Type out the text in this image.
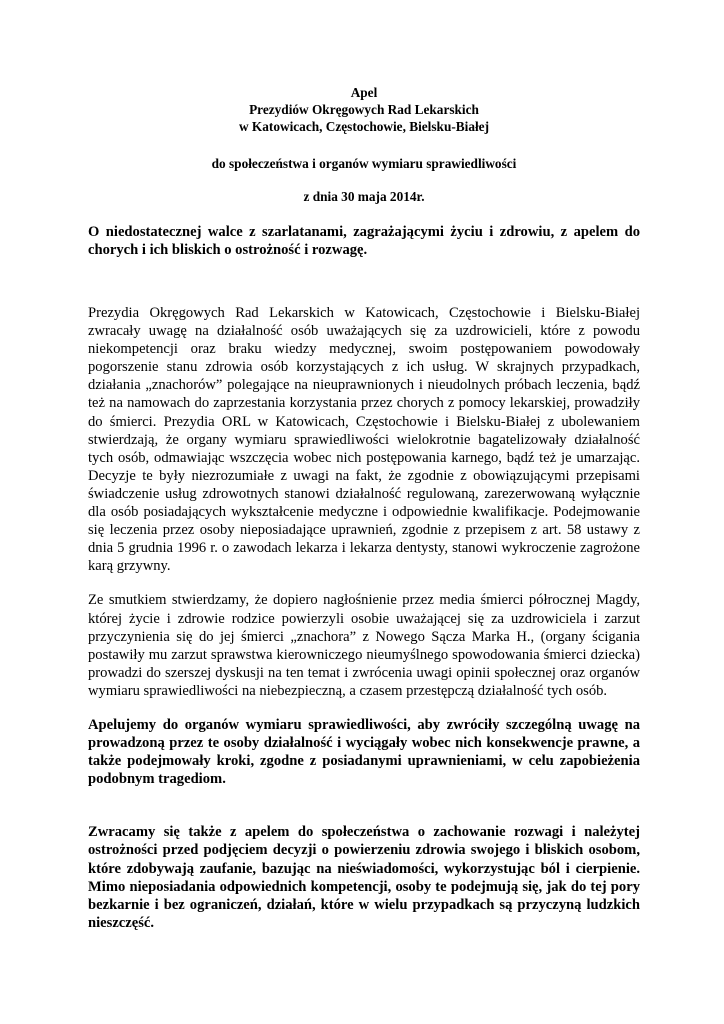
Apel
Prezydiów Okręgowych Rad Lekarskich
w Katowicach, Częstochowie, Bielsku-Białej

do społeczeństwa i organów wymiaru sprawiedliwości

z dnia 30 maja 2014r.

O niedostatecznej walce z szarlatanami, zagrażającymi życiu i zdrowiu, z apelem do chorych i ich bliskich o ostrożność i rozwagę.

Prezydia Okręgowych Rad Lekarskich w Katowicach, Częstochowie i Bielsku-Białej zwracały uwagę na działalność osób uważających się za uzdrowicieli, które z powodu niekompetencji oraz braku wiedzy medycznej, swoim postępowaniem powodowały pogorszenie stanu zdrowia osób korzystających z ich usług. W skrajnych przypadkach, działania „znachorów” polegające na nieuprawnionych i nieudolnych próbach leczenia, bądź też na namowach do zaprzestania korzystania przez chorych z pomocy lekarskiej, prowadziły do śmierci. Prezydia ORL w Katowicach, Częstochowie i Bielsku-Białej z ubolewaniem stwierdzają, że organy wymiaru sprawiedliwości wielokrotnie bagatelizowały działalność tych osób, odmawiając wszczęcia wobec nich postępowania karnego, bądź też je umarzając. Decyzje te były niezrozumiałe z uwagi na fakt, że zgodnie z obowiązującymi przepisami świadczenie usług zdrowotnych stanowi działalność regulowaną, zarezerwowaną wyłącznie dla osób posiadających wykształcenie medyczne i odpowiednie kwalifikacje. Podejmowanie się leczenia przez osoby nieposiadające uprawnień, zgodnie z przepisem z art. 58 ustawy z dnia 5 grudnia 1996 r. o zawodach lekarza i lekarza dentysty, stanowi wykroczenie zagrożone karą grzywny.

Ze smutkiem stwierdzamy, że dopiero nagłośnienie przez media śmierci półrocznej Magdy, której życie i zdrowie rodzice powierzyli osobie uważającej się za uzdrowiciela i zarzut przyczynienia się do jej śmierci „znachora” z Nowego Sącza Marka H., (organy ścigania postawiły mu zarzut sprawstwa kierowniczego nieumyślnego spowodowania śmierci dziecka) prowadzi do szerszej dyskusji na ten temat i zwrócenia uwagi opinii społecznej oraz organów wymiaru sprawiedliwości na niebezpieczną, a czasem przestępczą działalność tych osób.

Apelujemy do organów wymiaru sprawiedliwości, aby zwróciły szczególną uwagę na prowadzoną przez te osoby działalność i wyciągały wobec nich konsekwencje prawne, a także podejmowały kroki, zgodne z posiadanymi uprawnieniami, w celu zapobieżenia podobnym tragediom.

Zwracamy się także z apelem do społeczeństwa o zachowanie rozwagi i należytej ostrożności przed podjęciem decyzji o powierzeniu zdrowia swojego i bliskich osobom, które zdobywają zaufanie, bazując na nieświadomości, wykorzystując ból i cierpienie. Mimo nieposiadania odpowiednich kompetencji, osoby te podejmują się, jak do tej pory bezkarnie i bez ograniczeń, działań, które w wielu przypadkach są przyczyną ludzkich nieszczęść.
